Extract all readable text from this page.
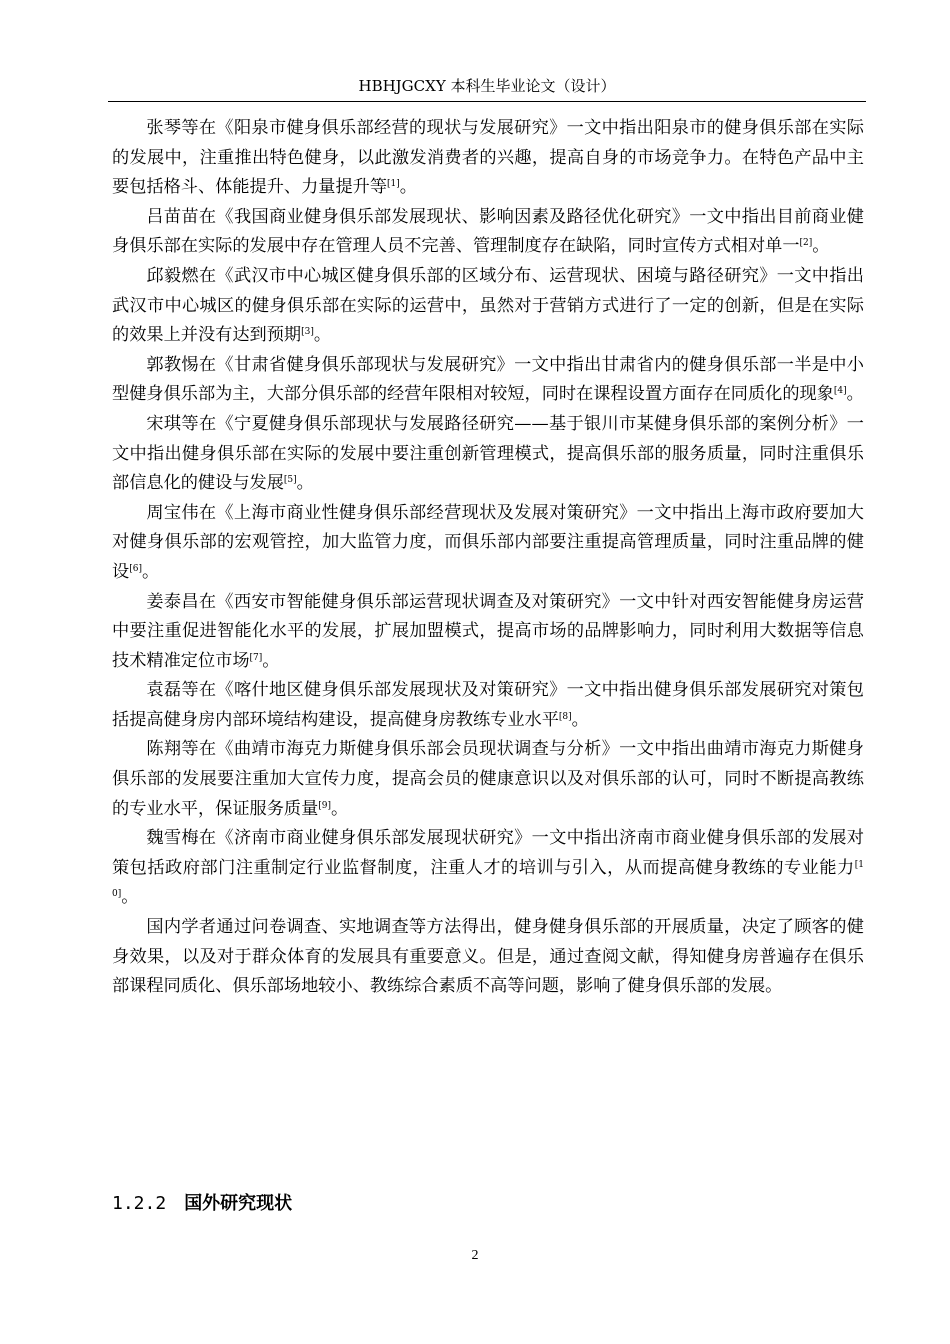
HBHJGCXY 本科生毕业论文（设计）

张琴等在《阳泉市健身俱乐部经营的现状与发展研究》一文中指出阳泉市的健身俱乐部在实际的发展中，注重推出特色健身，以此激发消费者的兴趣，提高自身的市场竞争力。在特色产品中主要包括格斗、体能提升、力量提升等[1]。

吕苗苗在《我国商业健身俱乐部发展现状、影响因素及路径优化研究》一文中指出目前商业健身俱乐部在实际的发展中存在管理人员不完善、管理制度存在缺陷，同时宣传方式相对单一[2]。

邱毅燃在《武汉市中心城区健身俱乐部的区域分布、运营现状、困境与路径研究》一文中指出武汉市中心城区的健身俱乐部在实际的运营中，虽然对于营销方式进行了一定的创新，但是在实际的效果上并没有达到预期[3]。

郭教惕在《甘肃省健身俱乐部现状与发展研究》一文中指出甘肃省内的健身俱乐部一半是中小型健身俱乐部为主，大部分俱乐部的经营年限相对较短，同时在课程设置方面存在同质化的现象[4]。

宋琪等在《宁夏健身俱乐部现状与发展路径研究——基于银川市某健身俱乐部的案例分析》一文中指出健身俱乐部在实际的发展中要注重创新管理模式，提高俱乐部的服务质量，同时注重俱乐部信息化的健设与发展[5]。

周宝伟在《上海市商业性健身俱乐部经营现状及发展对策研究》一文中指出上海市政府要加大对健身俱乐部的宏观管控，加大监管力度，而俱乐部内部要注重提高管理质量，同时注重品牌的健设[6]。

姜泰昌在《西安市智能健身俱乐部运营现状调查及对策研究》一文中针对西安智能健身房运营中要注重促进智能化水平的发展，扩展加盟模式，提高市场的品牌影响力，同时利用大数据等信息技术精准定位市场[7]。

袁磊等在《喀什地区健身俱乐部发展现状及对策研究》一文中指出健身俱乐部发展研究对策包括提高健身房内部环境结构建设，提高健身房教练专业水平[8]。

陈翔等在《曲靖市海克力斯健身俱乐部会员现状调查与分析》一文中指出曲靖市海克力斯健身俱乐部的发展要注重加大宣传力度，提高会员的健康意识以及对俱乐部的认可，同时不断提高教练的专业水平，保证服务质量[9]。

魏雪梅在《济南市商业健身俱乐部发展现状研究》一文中指出济南市商业健身俱乐部的发展对策包括政府部门注重制定行业监督制度，注重人才的培训与引入，从而提高健身教练的专业能力[10]。

国内学者通过问卷调查、实地调查等方法得出，健身健身俱乐部的开展质量，决定了顾客的健身效果，以及对于群众体育的发展具有重要意义。但是，通过查阅文献，得知健身房普遍存在俱乐部课程同质化、俱乐部场地较小、教练综合素质不高等问题，影响了健身俱乐部的发展。

1.2.2 国外研究现状
2
